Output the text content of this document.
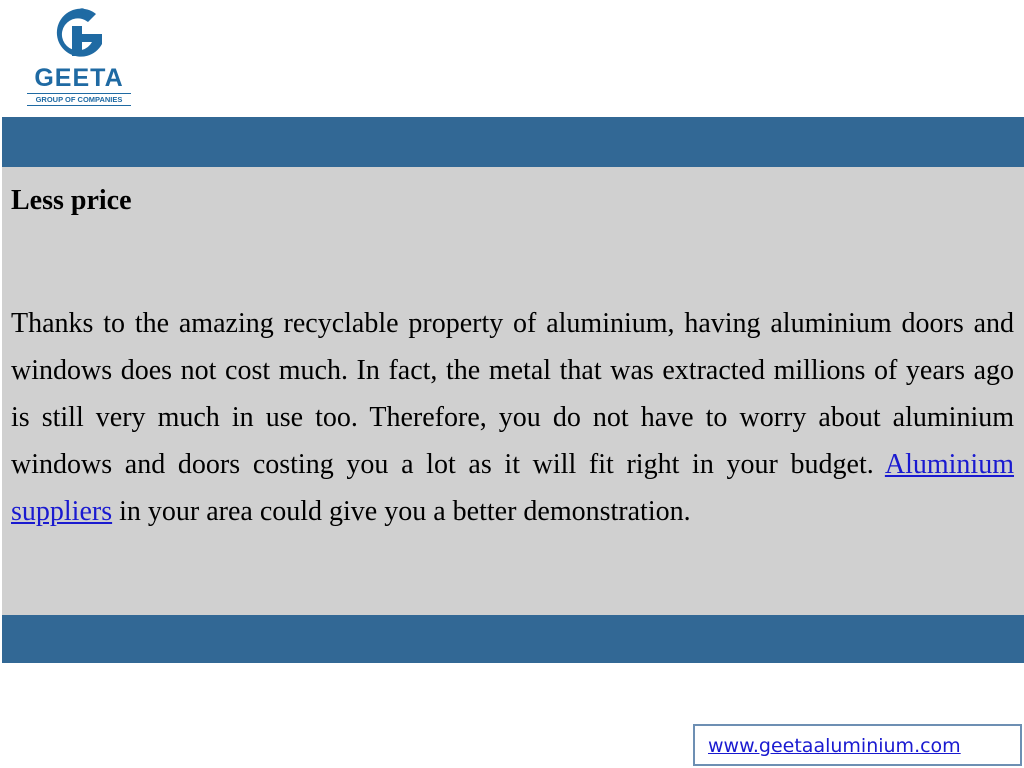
R
GEETA
GROUP OF COMPANIES
Less price

Thanks to the amazing recyclable property of aluminium, having aluminium doors and windows does not cost much. In fact, the metal that was extracted millions of years ago is still very much in use too. Therefore, you do not have to worry about aluminium windows and doors costing you a lot as it will fit right in your budget. Aluminium suppliers in your area could give you a better demonstration.

www.geetaaluminium.com
